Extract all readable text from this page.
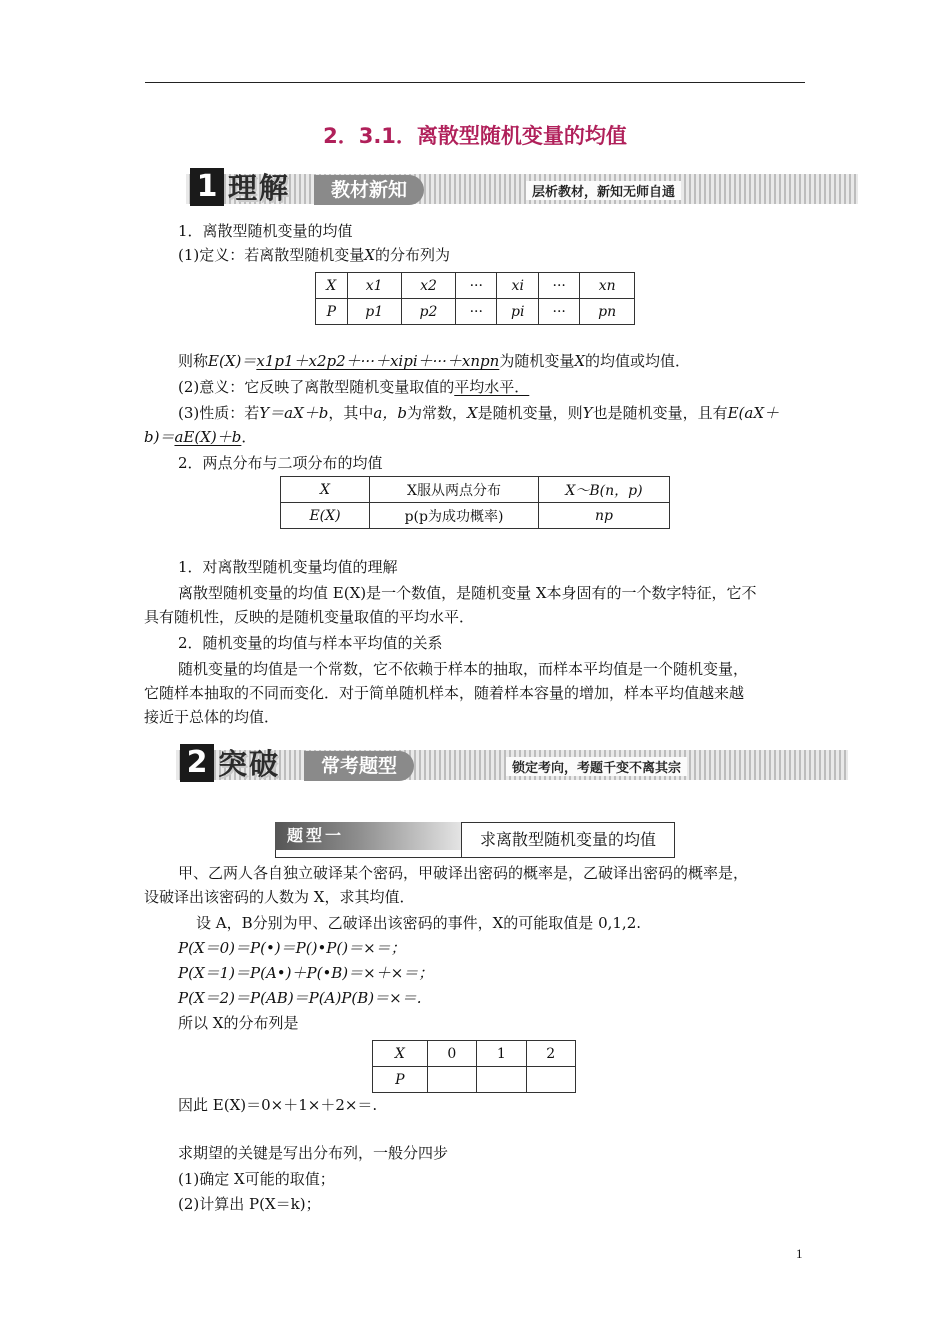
2．3.1．离散型随机变量的均值
1 理解	教材新知	层析教材，新知无师自通
1．离散型随机变量的均值
(1)定义：若离散型随机变量X的分布列为
X	x1	x2	···	xi	···	xn
P	p1	p2	···	pi	···	pn
则称E(X)＝x1p1＋x2p2＋···＋xipi＋···＋xnpn为随机变量X的均值或均值．
(2)意义：它反映了离散型随机变量取值的平均水平．
(3)性质：若Y＝aX＋b，其中a，b为常数，X是随机变量，则Y也是随机变量，且有E(aX＋
b)＝aE(X)＋b．
2．两点分布与二项分布的均值
X	X服从两点分布	X～B(n，p)
E(X)	p(p为成功概率)	np
1．对离散型随机变量均值的理解
离散型随机变量的均值 E(X)是一个数值，是随机变量 X本身固有的一个数字特征，它不
具有随机性，反映的是随机变量取值的平均水平．
2．随机变量的均值与样本平均值的关系
随机变量的均值是一个常数，它不依赖于样本的抽取，而样本平均值是一个随机变量，
它随样本抽取的不同而变化．对于简单随机样本，随着样本容量的增加，样本平均值越来越
接近于总体的均值．
2 突破	常考题型	锁定考向，考题千变不离其宗
题型一	求离散型随机变量的均值
甲、乙两人各自独立破译某个密码，甲破译出密码的概率是，乙破译出密码的概率是，
设破译出该密码的人数为 X，求其均值．
设 A，B分别为甲、乙破译出该密码的事件，X的可能取值是 0,1,2.
P(X＝0)＝P(•)＝P()•P()＝×＝；
P(X＝1)＝P(A•)＋P(•B)＝×＋×＝；
P(X＝2)＝P(AB)＝P(A)P(B)＝×＝.
所以 X的分布列是
X	0	1	2
P			
因此 E(X)＝0×＋1×＋2×＝.
求期望的关键是写出分布列，一般分四步
(1)确定 X可能的取值；
(2)计算出 P(X＝k)；
1
